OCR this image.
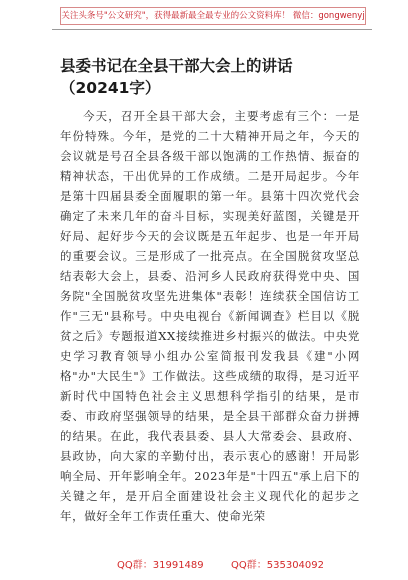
关注头条号"公文研究"，获得最新最全最专业的公文资料库！ 微信：gongwenyj
县委书记在全县干部大会上的讲话（20241字）
今天，召开全县干部大会，主要考虑有三个：一是年份特殊。今年，是党的二十大精神开局之年，今天的会议就是号召全县各级干部以饱满的工作热情、振奋的精神状态，干出优异的工作成绩。二是开局起步。今年是第十四届县委全面履职的第一年。县第十四次党代会确定了未来几年的奋斗目标，实现美好蓝图，关键是开好局、起好步今天的会议既是五年起步、也是一年开局的重要会议。三是形成了一批亮点。在全国脱贫攻坚总结表彰大会上，县委、沿河乡人民政府获得党中央、国务院"全国脱贫攻坚先进集体"表彰！连续获全国信访工作"三无"县称号。中央电视台《新闻调查》栏目以《脱贫之后》专题报道XX接续推进乡村振兴的做法。中央党史学习教育领导小组办公室简报刊发我县《建"小网格"办"大民生"》工作做法。这些成绩的取得，是习近平新时代中国特色社会主义思想科学指引的结果，是市委、市政府坚强领导的结果，是全县干部群众奋力拼搏的结果。在此，我代表县委、县人大常委会、县政府、县政协，向大家的辛勤付出，表示衷心的感谢！开局影响全局、开年影响全年。2023年是"十四五"承上启下的关键之年，是开启全面建设社会主义现代化的起步之年，做好全年工作责任重大、使命光荣
QQ群：31991489	QQ群：535304092
